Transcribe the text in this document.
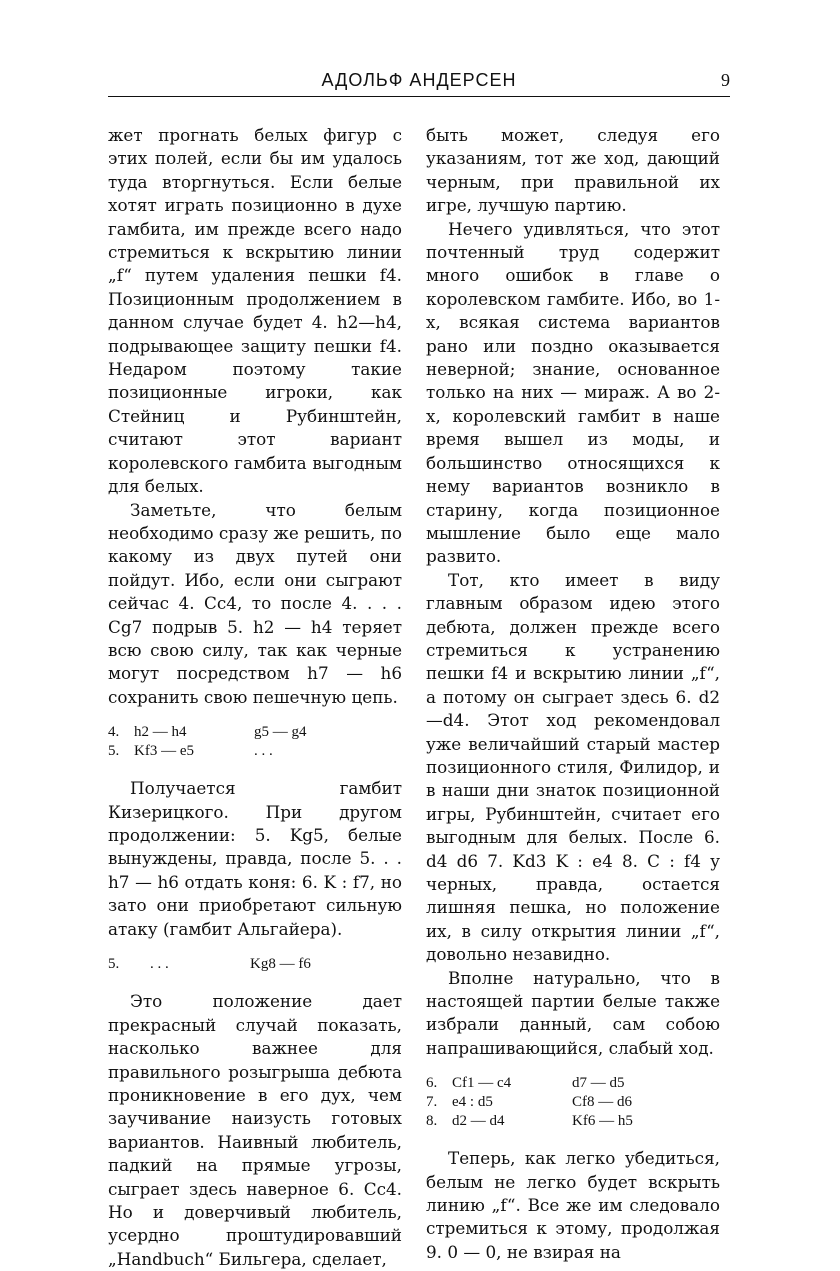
АДОЛЬФ АНДЕРСЕН	9

жет прогнать белых фигур с этих полей, если бы им удалось туда вторгнуться. Если белые хотят играть позиционно в духе гамбита, им прежде всего надо стремиться к вскрытию линии „f“ путем удаления пешки f4. Позиционным продолжением в данном случае будет 4. h2—h4, подрывающее защиту пешки f4. Недаром поэтому такие позиционные игроки, как Стейниц и Рубинштейн, считают этот вариант королевского гамбита выгодным для белых.

Заметьте, что белым необходимо сразу же решить, по какому из двух путей они пойдут. Ибо, если они сыграют сейчас 4. Cc4, то после 4. . . . Cg7 подрыв 5. h2 — h4 теряет всю свою силу, так как черные могут посредством h7 — h6 сохранить свою пешечную цепь.

4. h2 — h4	g5 — g4
5. Kf3 — e5	. . .

Получается гамбит Кизерицкого. При другом продолжении: 5. Kg5, белые вынуждены, правда, после 5. . . h7 — h6 отдать коня: 6. K : f7, но зато они приобретают сильную атаку (гамбит Альгайера).

5.	. . .	Kg8 — f6

Это положение дает прекрасный случай показать, насколько важнее для правильного розыгрыша дебюта проникновение в его дух, чем заучивание наизусть готовых вариантов. Наивный любитель, падкий на прямые угрозы, сыграет здесь наверное 6. Cc4. Но и доверчивый любитель, усердно проштудировавший „Handbuch“ Бильгера, сделает,

быть может, следуя его указаниям, тот же ход, дающий черным, при правильной их игре, лучшую партию.

Нечего удивляться, что этот почтенный труд содержит много ошибок в главе о королевском гамбите. Ибо, во 1-х, всякая система вариантов рано или поздно оказывается неверной; знание, основанное только на них — мираж. А во 2-х, королевский гамбит в наше время вышел из моды, и большинство относящихся к нему вариантов возникло в старину, когда позиционное мышление было еще мало развито.

Тот, кто имеет в виду главным образом идею этого дебюта, должен прежде всего стремиться к устранению пешки f4 и вскрытию линии „f“, а потому он сыграет здесь 6. d2—d4. Этот ход рекомендовал уже величайший старый мастер позиционного стиля, Филидор, и в наши дни знаток позиционной игры, Рубинштейн, считает его выгодным для белых. После 6. d4 d6 7. Kd3 K : e4 8. C : f4 у черных, правда, остается лишняя пешка, но положение их, в силу открытия линии „f“, довольно незавидно.

Вполне натурально, что в настоящей партии белые также избрали данный, сам собою напрашивающийся, слабый ход.

6. Cf1 — c4	d7 — d5
7. e4 : d5	Cf8 — d6
8. d2 — d4	Kf6 — h5

Теперь, как легко убедиться, белым не легко будет вскрыть линию „f“. Все же им следовало стремиться к этому, продолжая 9. 0 — 0, не взирая на
